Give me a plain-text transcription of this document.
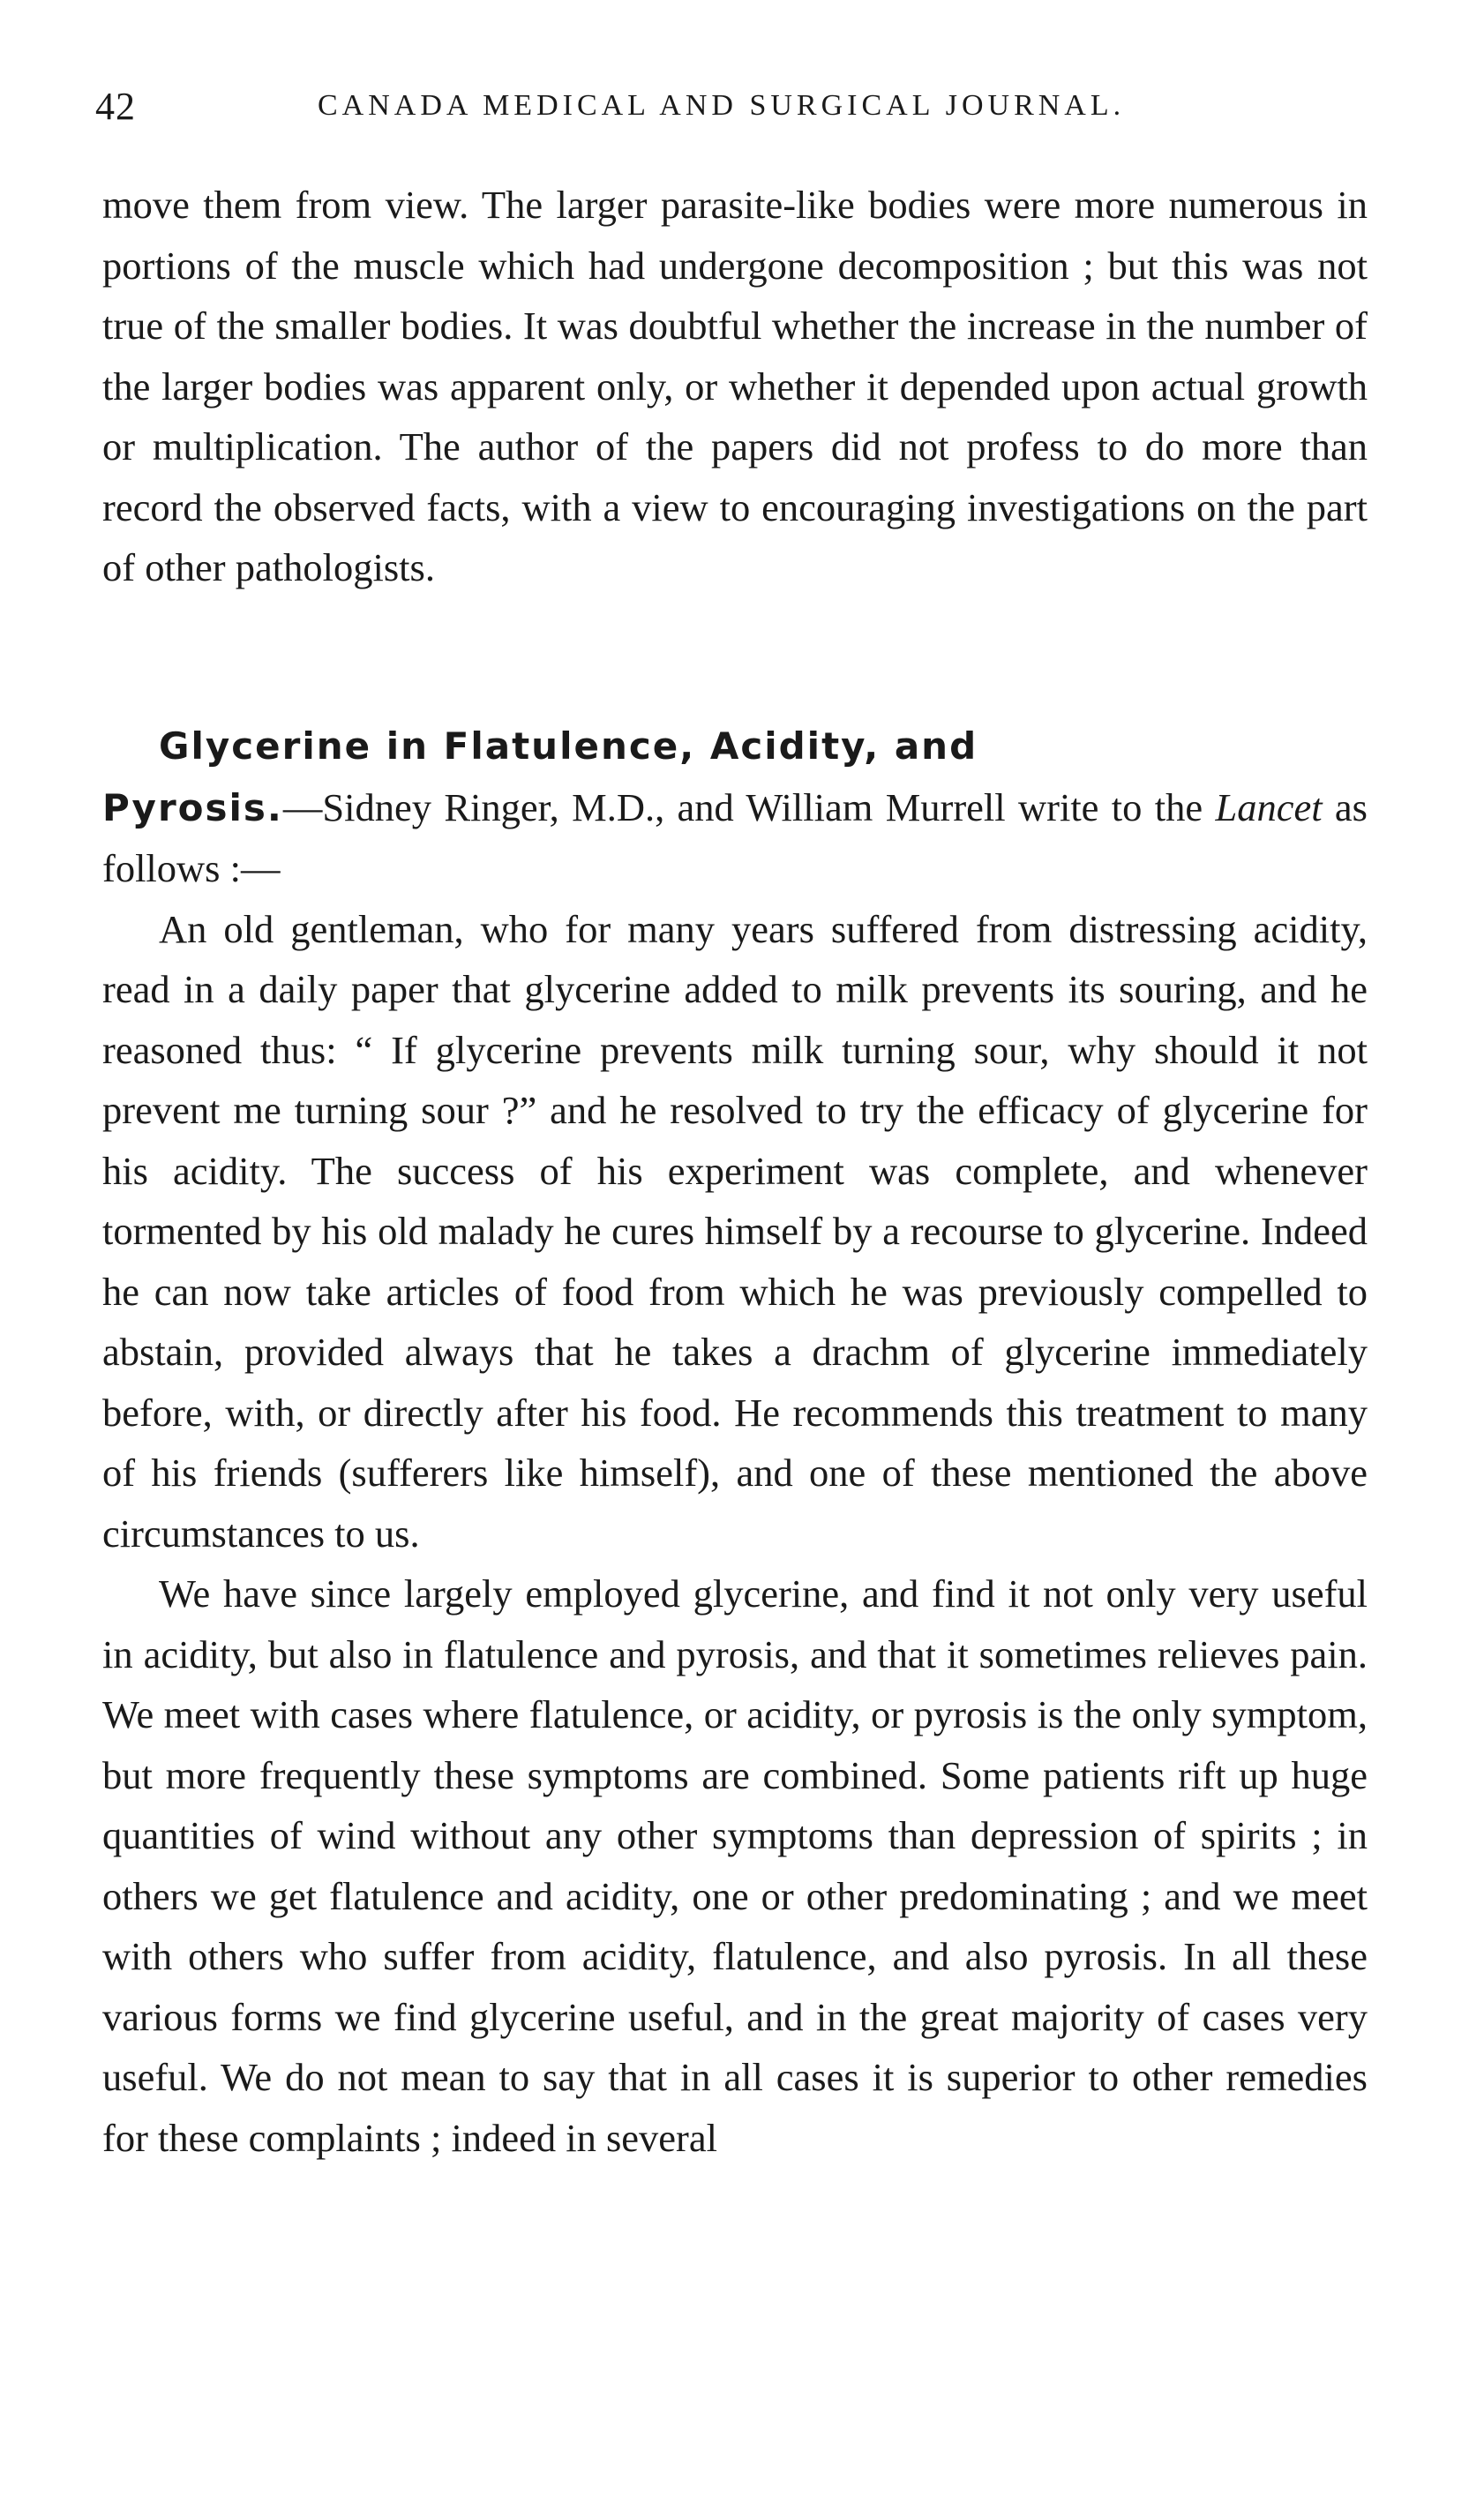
42	CANADA MEDICAL AND SURGICAL JOURNAL.

move them from view. The larger parasite-like bodies were more numerous in portions of the muscle which had undergone decomposition ; but this was not true of the smaller bodies. It was doubtful whether the increase in the number of the larger bodies was apparent only, or whether it depended upon actual growth or multiplication. The author of the papers did not profess to do more than record the observed facts, with a view to encouraging investigations on the part of other pathologists.

Glycerine in Flatulence, Acidity, and

Pyrosis.—Sidney Ringer, M.D., and William Murrell write to the Lancet as follows :—

An old gentleman, who for many years suffered from distressing acidity, read in a daily paper that glycerine added to milk prevents its souring, and he reasoned thus: “ If glycerine prevents milk turning sour, why should it not prevent me turning sour ?” and he resolved to try the efficacy of glycerine for his acidity. The success of his experiment was complete, and whenever tormented by his old malady he cures himself by a recourse to glycerine. Indeed he can now take articles of food from which he was previously compelled to abstain, provided always that he takes a drachm of glycerine immediately before, with, or directly after his food. He recommends this treatment to many of his friends (sufferers like himself), and one of these mentioned the above circumstances to us.

We have since largely employed glycerine, and find it not only very useful in acidity, but also in flatulence and pyrosis, and that it sometimes relieves pain. We meet with cases where flatulence, or acidity, or pyrosis is the only symptom, but more frequently these symptoms are combined. Some patients rift up huge quantities of wind without any other symptoms than depression of spirits ; in others we get flatulence and acidity, one or other predominating ; and we meet with others who suffer from acidity, flatulence, and also pyrosis. In all these various forms we find glycerine useful, and in the great majority of cases very useful. We do not mean to say that in all cases it is superior to other remedies for these complaints ; indeed in several
